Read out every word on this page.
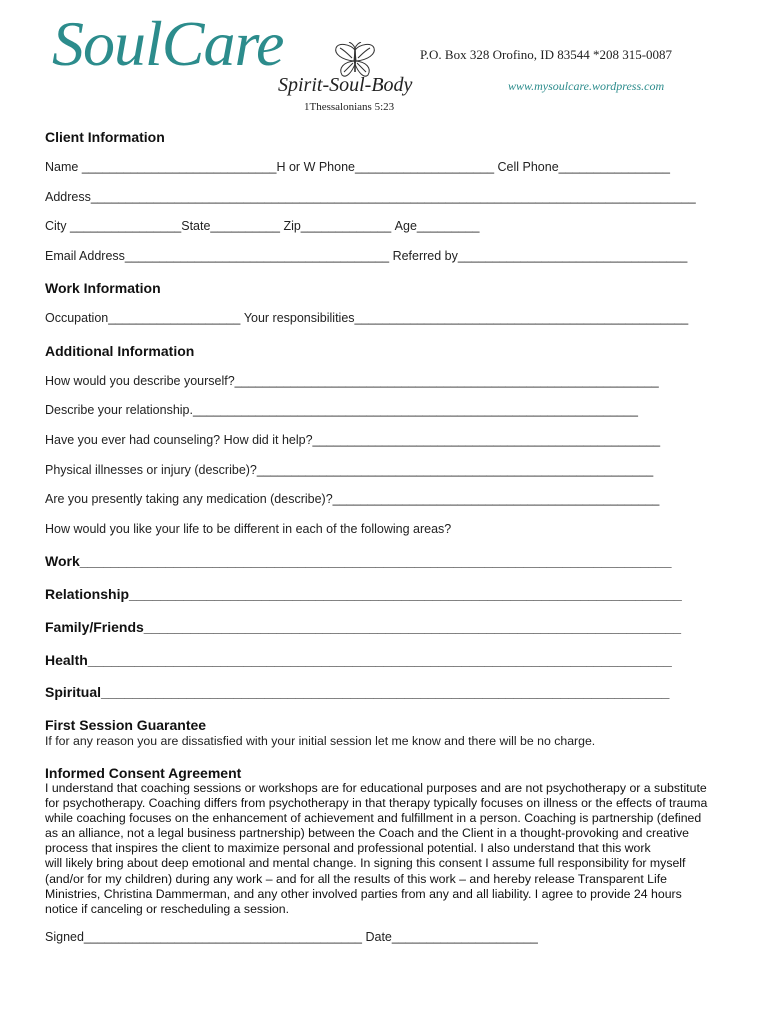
SoulCare
Spirit-Soul-Body
1Thessalonians 5:23
P.O. Box 328 Orofino, ID 83544 *208 315-0087
www.mysoulcare.wordpress.com
Client Information
Name ____________________________H or W Phone____________________ Cell Phone________________
Address_______________________________________________________________________________________
City ________________State__________ Zip_____________ Age_________
Email Address______________________________________ Referred by_________________________________
Work Information
Occupation___________________ Your responsibilities________________________________________________
Additional Information
How would you describe yourself?_____________________________________________________________
Describe your relationship.________________________________________________________________
Have you ever had counseling? How did it help?__________________________________________________
Physical illnesses or injury (describe)?_________________________________________________________
Are you presently taking any medication (describe)?_______________________________________________
How would you like your life to be different in each of the following areas?
Work____________________________________________________________________________
Relationship_______________________________________________________________________
Family/Friends_____________________________________________________________________
Health___________________________________________________________________________
Spiritual_________________________________________________________________________
First Session Guarantee
If for any reason you are dissatisfied with your initial session let me know and there will be no charge.
Informed Consent Agreement
I understand that coaching sessions or workshops are for educational purposes and are not psychotherapy or a substitute
for psychotherapy. Coaching differs from psychotherapy in that therapy typically focuses on illness or the effects of trauma
while coaching focuses on the enhancement of achievement and fulfillment in a person. Coaching is partnership (defined
as an alliance, not a legal business partnership) between the Coach and the Client in a thought-provoking and creative
process that inspires the client to maximize personal and professional potential. I also understand that this work
will likely bring about deep emotional and mental change. In signing this consent I assume full responsibility for myself
(and/or for my children) during any work – and for all the results of this work – and hereby release Transparent Life
Ministries, Christina Dammerman, and any other involved parties from any and all liability. I agree to provide 24 hours
notice if canceling or rescheduling a session.
Signed________________________________________ Date_____________________
